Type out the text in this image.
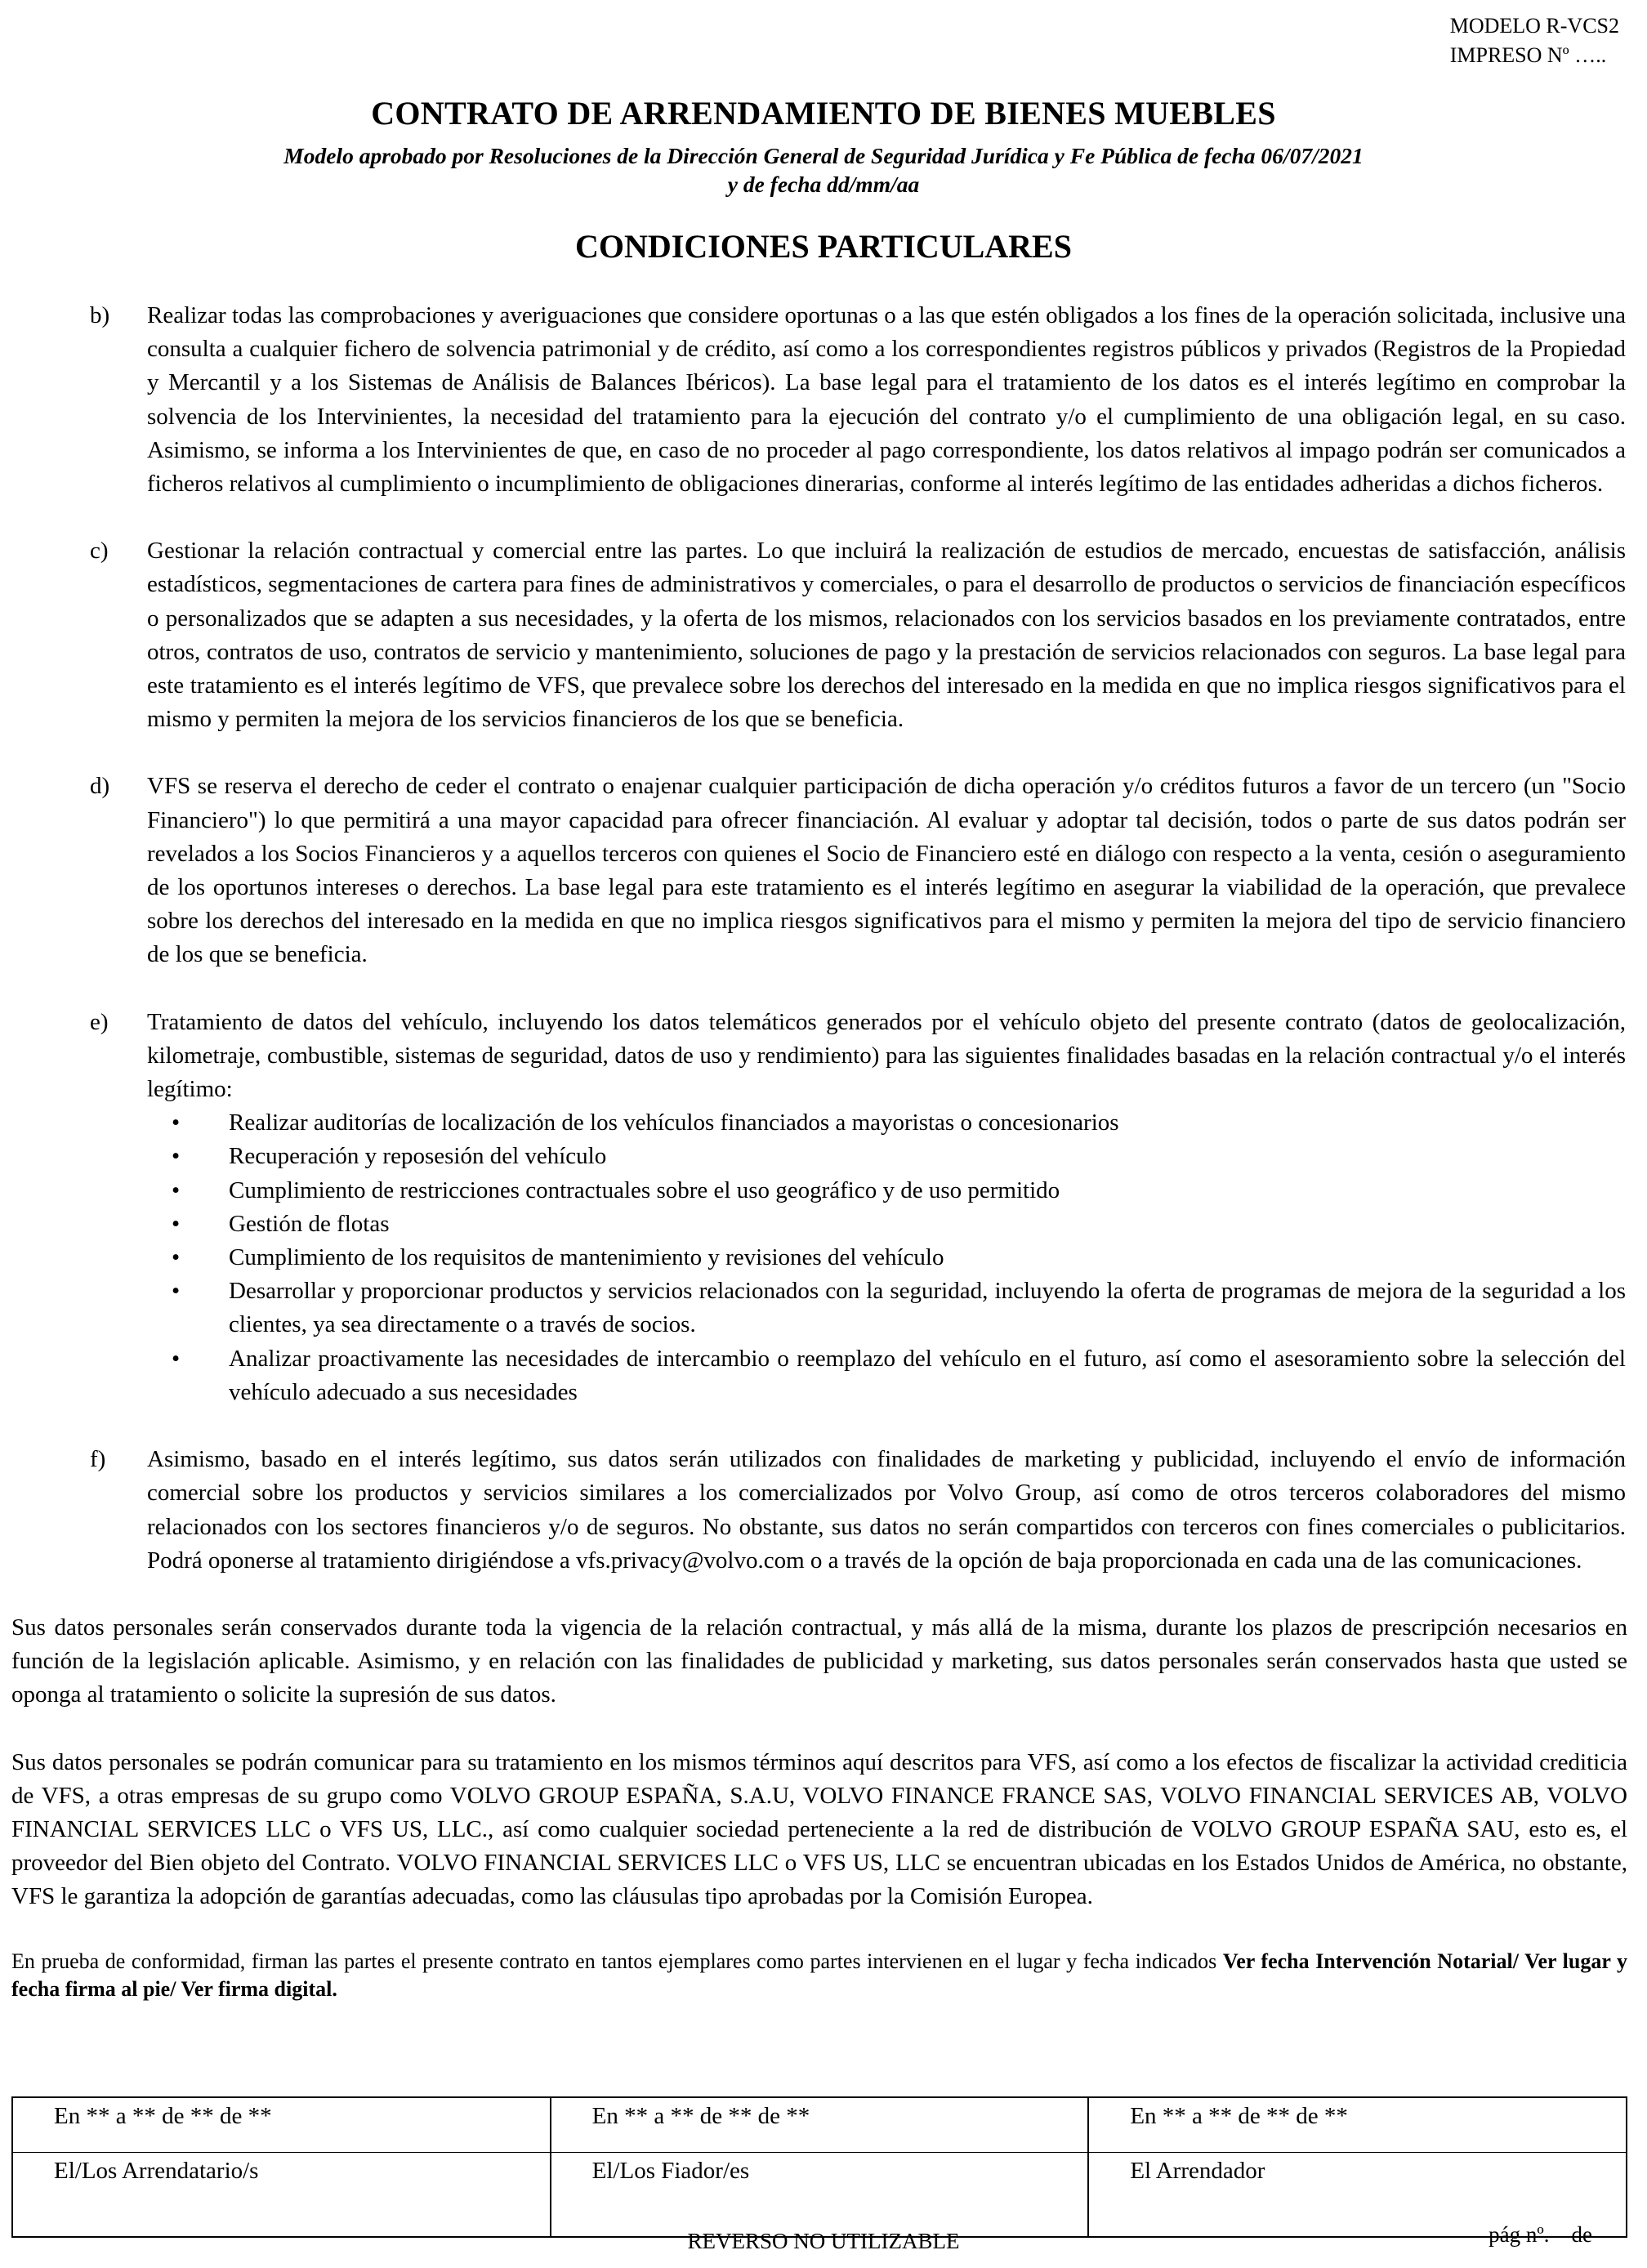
MODELO R-VCS2
IMPRESO Nº …..
CONTRATO DE ARRENDAMIENTO DE BIENES MUEBLES
Modelo aprobado por Resoluciones de la Dirección General de Seguridad Jurídica y Fe Pública de fecha 06/07/2021
y de fecha dd/mm/aa
CONDICIONES PARTICULARES
b)	Realizar todas las comprobaciones y averiguaciones que considere oportunas o a las que estén obligados a los fines de la operación solicitada, inclusive una consulta a cualquier fichero de solvencia patrimonial y de crédito, así como a los correspondientes registros públicos y privados (Registros de la Propiedad y Mercantil y a los Sistemas de Análisis de Balances Ibéricos). La base legal para el tratamiento de los datos es el interés legítimo en comprobar la solvencia de los Intervinientes, la necesidad del tratamiento para la ejecución del contrato y/o el cumplimiento de una obligación legal, en su caso. Asimismo, se informa a los Intervinientes de que, en caso de no proceder al pago correspondiente, los datos relativos al impago podrán ser comunicados a ficheros relativos al cumplimiento o incumplimiento de obligaciones dinerarias, conforme al interés legítimo de las entidades adheridas a dichos ficheros.
c)	Gestionar la relación contractual y comercial entre las partes. Lo que incluirá la realización de estudios de mercado, encuestas de satisfacción, análisis estadísticos, segmentaciones de cartera para fines de administrativos y comerciales, o para el desarrollo de productos o servicios de financiación específicos o personalizados que se adapten a sus necesidades, y la oferta de los mismos, relacionados con los servicios basados en los previamente contratados, entre otros, contratos de uso, contratos de servicio y mantenimiento, soluciones de pago y la prestación de servicios relacionados con seguros. La base legal para este tratamiento es el interés legítimo de VFS, que prevalece sobre los derechos del interesado en la medida en que no implica riesgos significativos para el mismo y permiten la mejora de los servicios financieros de los que se beneficia.
d)	VFS se reserva el derecho de ceder el contrato o enajenar cualquier participación de dicha operación y/o créditos futuros a favor de un tercero (un "Socio Financiero") lo que permitirá a una mayor capacidad para ofrecer financiación. Al evaluar y adoptar tal decisión, todos o parte de sus datos podrán ser revelados a los Socios Financieros y a aquellos terceros con quienes el Socio de Financiero esté en diálogo con respecto a la venta, cesión o aseguramiento de los oportunos intereses o derechos. La base legal para este tratamiento es el interés legítimo en asegurar la viabilidad de la operación, que prevalece sobre los derechos del interesado en la medida en que no implica riesgos significativos para el mismo y permiten la mejora del tipo de servicio financiero de los que se beneficia.
e)	Tratamiento de datos del vehículo, incluyendo los datos telemáticos generados por el vehículo objeto del presente contrato (datos de geolocalización, kilometraje, combustible, sistemas de seguridad, datos de uso y rendimiento) para las siguientes finalidades basadas en la relación contractual y/o el interés legítimo:
• Realizar auditorías de localización de los vehículos financiados a mayoristas o concesionarios
• Recuperación y reposesión del vehículo
• Cumplimiento de restricciones contractuales sobre el uso geográfico y de uso permitido
• Gestión de flotas
• Cumplimiento de los requisitos de mantenimiento y revisiones del vehículo
• Desarrollar y proporcionar productos y servicios relacionados con la seguridad, incluyendo la oferta de programas de mejora de la seguridad a los clientes, ya sea directamente o a través de socios.
• Analizar proactivamente las necesidades de intercambio o reemplazo del vehículo en el futuro, así como el asesoramiento sobre la selección del vehículo adecuado a sus necesidades
f)	Asimismo, basado en el interés legítimo, sus datos serán utilizados con finalidades de marketing y publicidad, incluyendo el envío de información comercial sobre los productos y servicios similares a los comercializados por Volvo Group, así como de otros terceros colaboradores del mismo relacionados con los sectores financieros y/o de seguros. No obstante, sus datos no serán compartidos con terceros con fines comerciales o publicitarios. Podrá oponerse al tratamiento dirigiéndose a vfs.privacy@volvo.com o a través de la opción de baja proporcionada en cada una de las comunicaciones.
Sus datos personales serán conservados durante toda la vigencia de la relación contractual, y más allá de la misma, durante los plazos de prescripción necesarios en función de la legislación aplicable. Asimismo, y en relación con las finalidades de publicidad y marketing, sus datos personales serán conservados hasta que usted se oponga al tratamiento o solicite la supresión de sus datos.
Sus datos personales se podrán comunicar para su tratamiento en los mismos términos aquí descritos para VFS, así como a los efectos de fiscalizar la actividad crediticia de VFS, a otras empresas de su grupo como VOLVO GROUP ESPAÑA, S.A.U, VOLVO FINANCE FRANCE SAS, VOLVO FINANCIAL SERVICES AB, VOLVO FINANCIAL SERVICES LLC o VFS US, LLC., así como cualquier sociedad perteneciente a la red de distribución de VOLVO GROUP ESPAÑA SAU, esto es, el proveedor del Bien objeto del Contrato. VOLVO FINANCIAL SERVICES LLC o VFS US, LLC se encuentran ubicadas en los Estados Unidos de América, no obstante, VFS le garantiza la adopción de garantías adecuadas, como las cláusulas tipo aprobadas por la Comisión Europea.
En prueba de conformidad, firman las partes el presente contrato en tantos ejemplares como partes intervienen en el lugar y fecha indicados Ver fecha Intervención Notarial/ Ver lugar y fecha firma al pie/ Ver firma digital.
En ** a ** de ** de **	En ** a ** de ** de **	En ** a ** de ** de **
El/Los Arrendatario/s	El/Los Fiador/es	El Arrendador
REVERSO NO UTILIZABLE	pág nº.—de—
